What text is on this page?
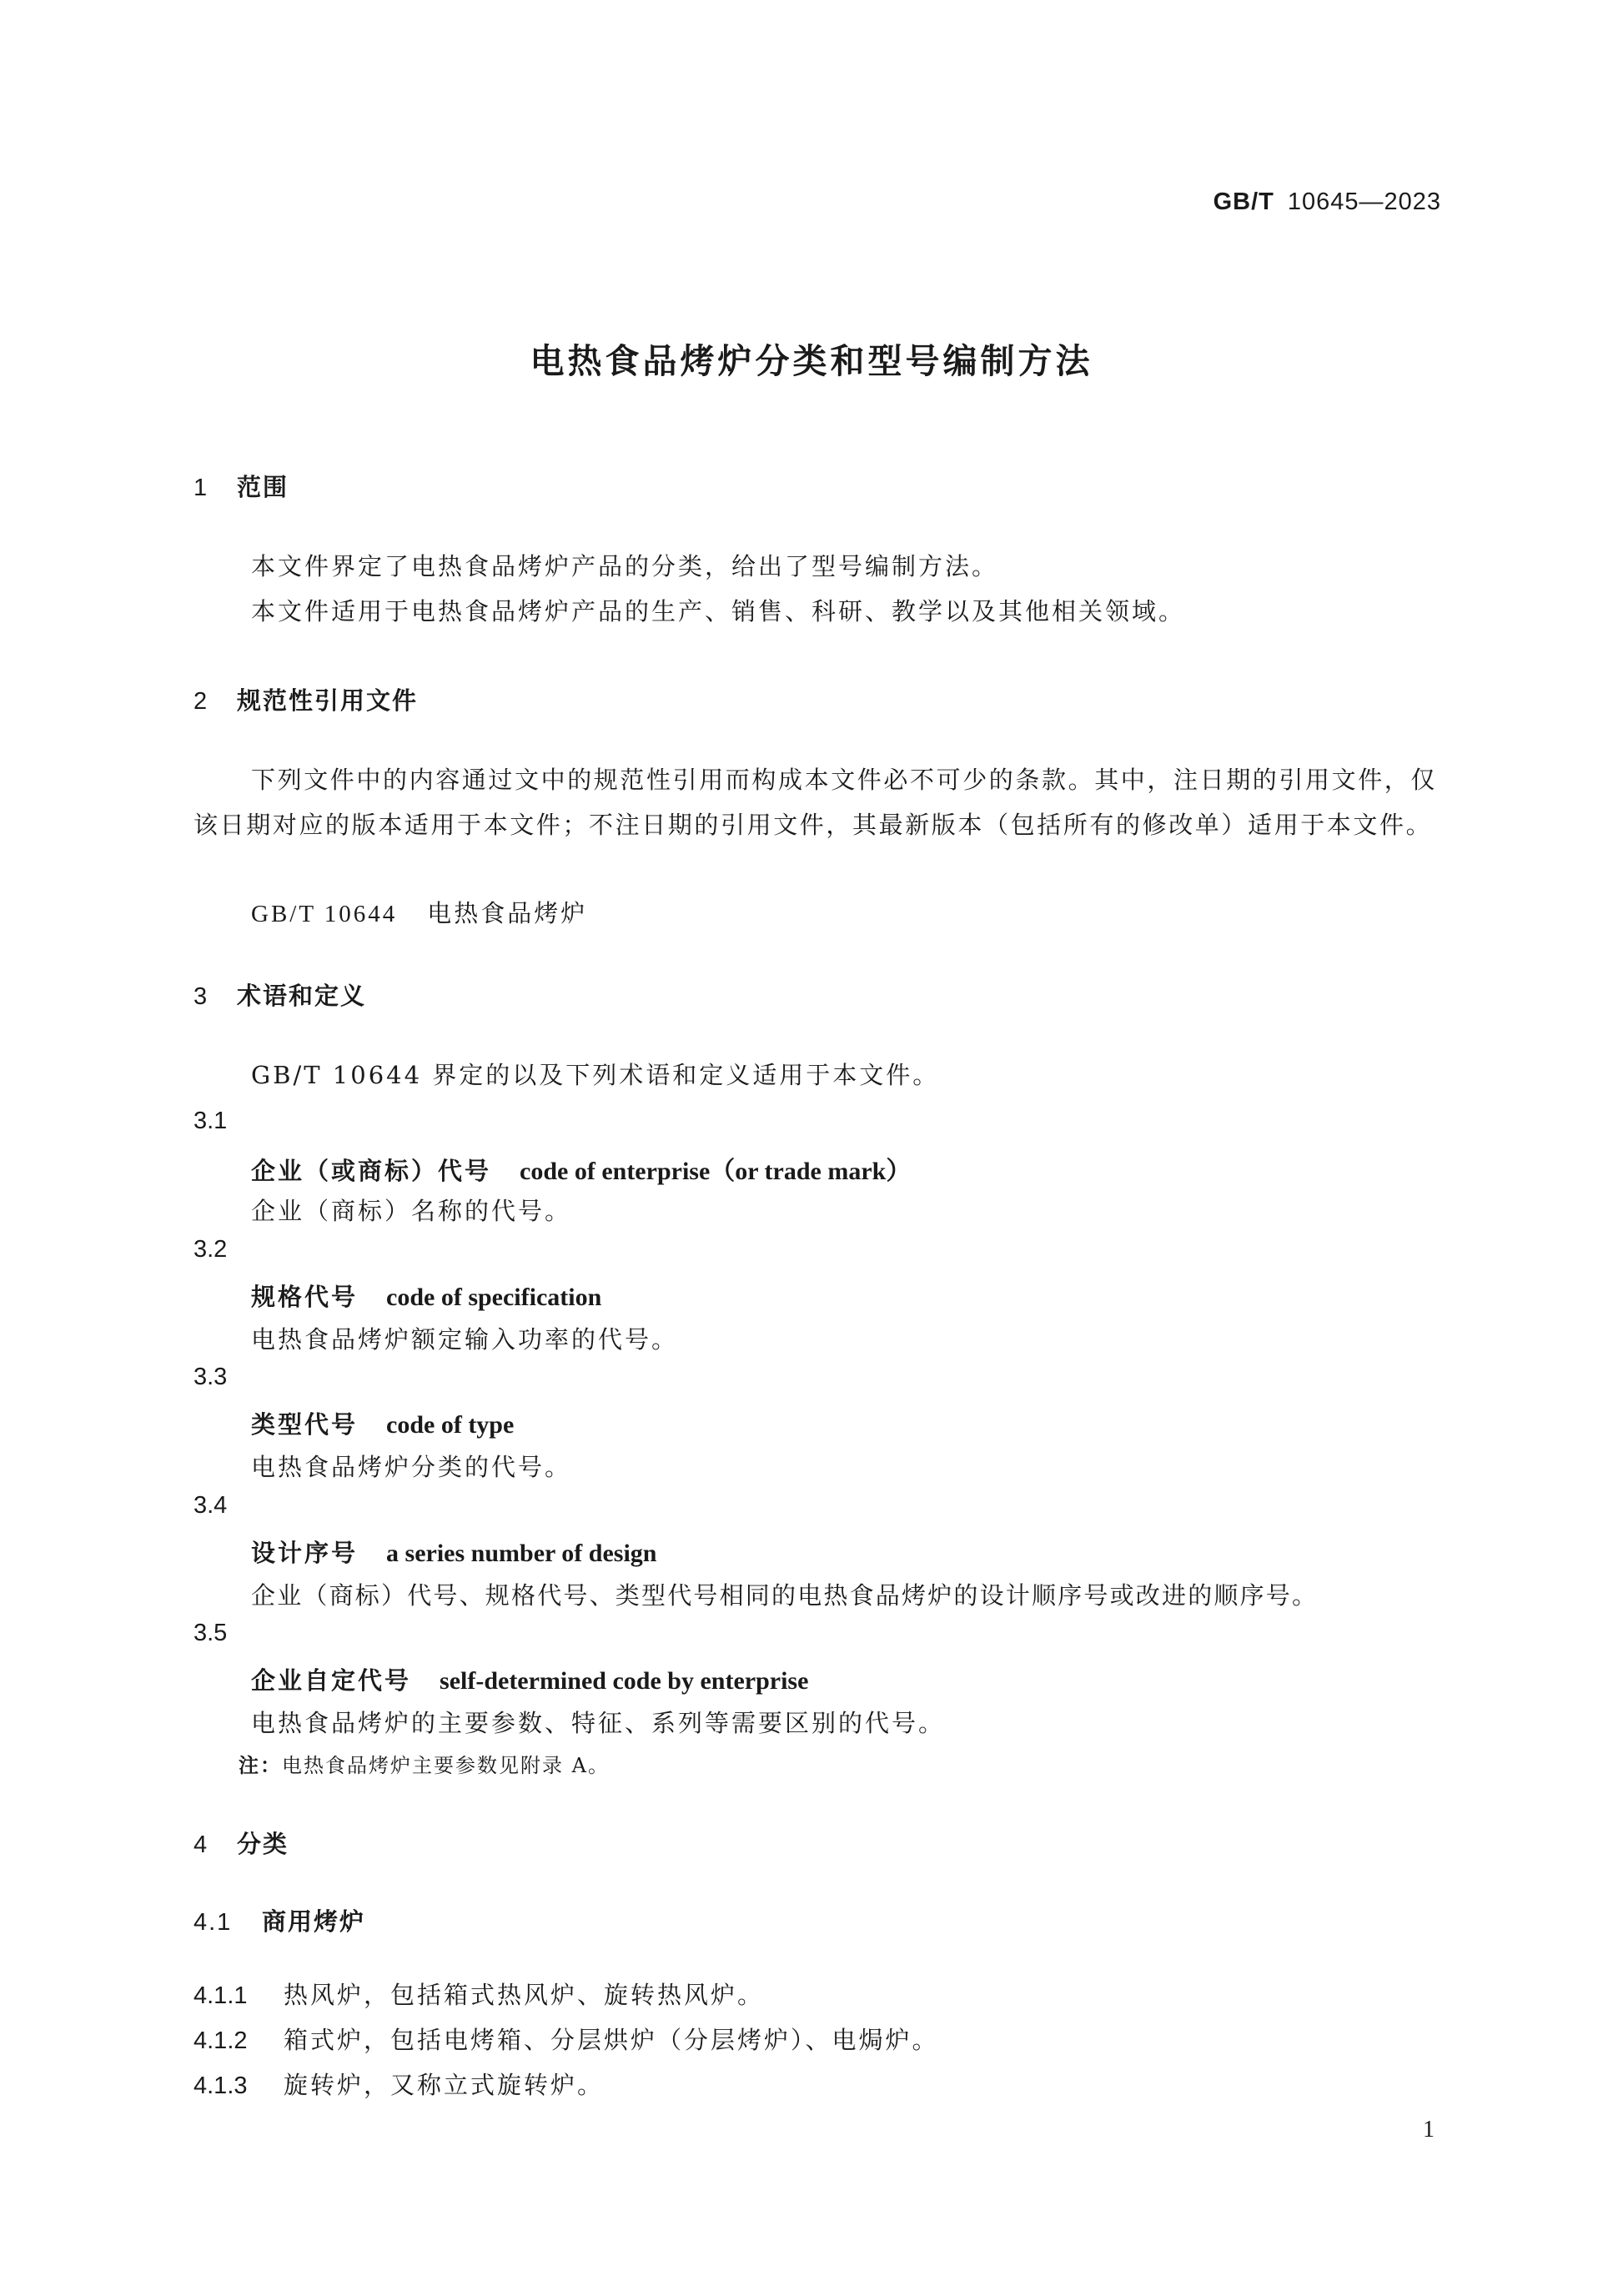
GB/T 10645—2023
电热食品烤炉分类和型号编制方法
1 范围
本文件界定了电热食品烤炉产品的分类，给出了型号编制方法。
本文件适用于电热食品烤炉产品的生产、销售、科研、教学以及其他相关领域。
2 规范性引用文件
下列文件中的内容通过文中的规范性引用而构成本文件必不可少的条款。其中，注日期的引用文件，仅该日期对应的版本适用于本文件；不注日期的引用文件，其最新版本（包括所有的修改单）适用于本文件。
GB/T 10644 电热食品烤炉
3 术语和定义
GB/T 10644 界定的以及下列术语和定义适用于本文件。
3.1
企业（或商标）代号 code of enterprise（or trade mark）
企业（商标）名称的代号。
3.2
规格代号 code of specification
电热食品烤炉额定输入功率的代号。
3.3
类型代号 code of type
电热食品烤炉分类的代号。
3.4
设计序号 a series number of design
企业（商标）代号、规格代号、类型代号相同的电热食品烤炉的设计顺序号或改进的顺序号。
3.5
企业自定代号 self-determined code by enterprise
电热食品烤炉的主要参数、特征、系列等需要区别的代号。
注：电热食品烤炉主要参数见附录 A。
4 分类
4.1 商用烤炉
4.1.1 热风炉，包括箱式热风炉、旋转热风炉。
4.1.2 箱式炉，包括电烤箱、分层烘炉（分层烤炉）、电焗炉。
4.1.3 旋转炉，又称立式旋转炉。
1
